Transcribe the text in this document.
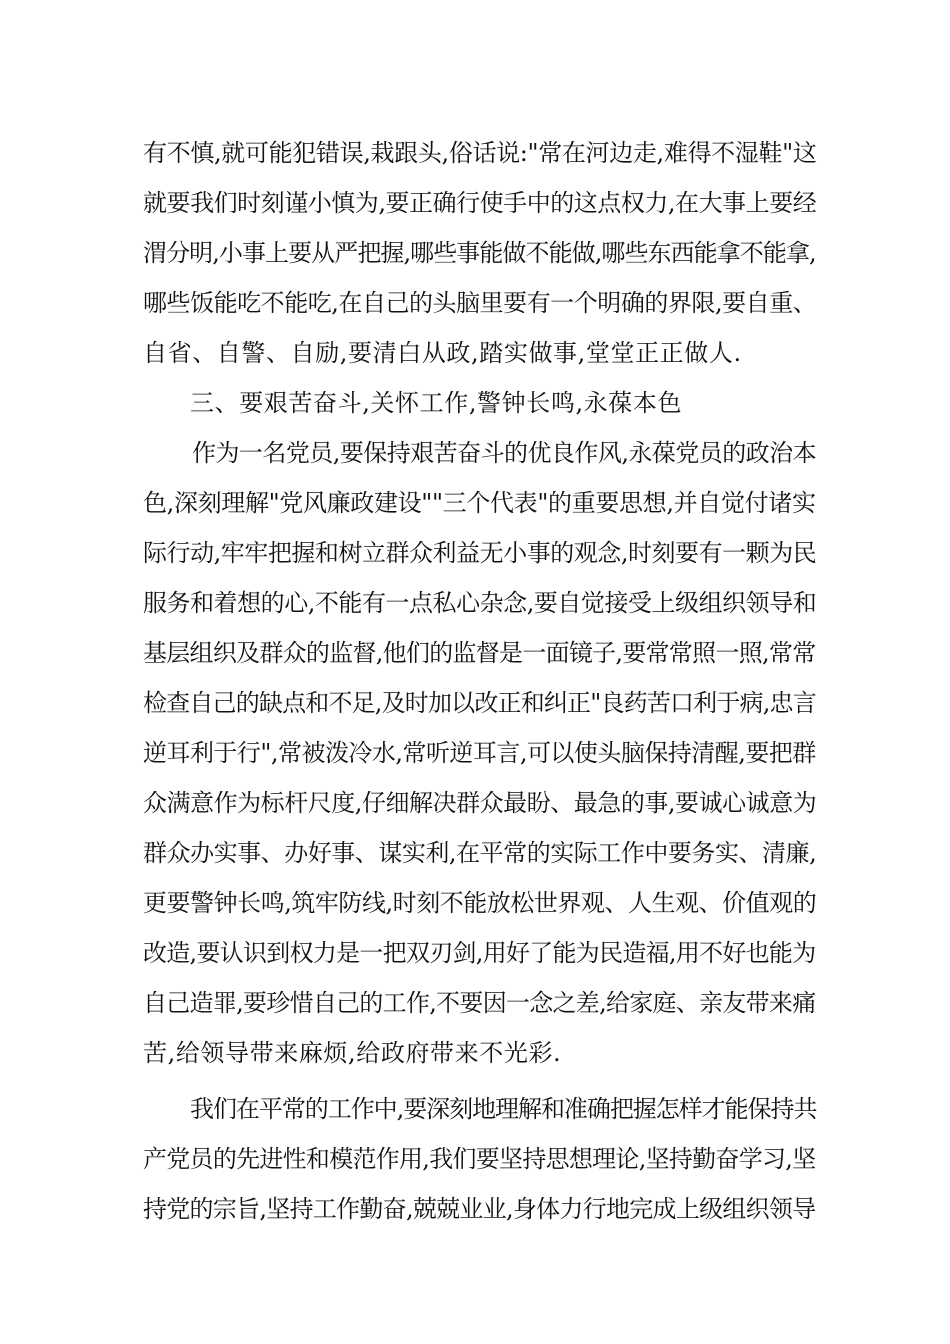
有不慎,就可能犯错误,栽跟头,俗话说:"常在河边走,难得不湿鞋"这
就要我们时刻谨小慎为,要正确行使手中的这点权力,在大事上要经
渭分明,小事上要从严把握,哪些事能做不能做,哪些东西能拿不能拿,
哪些饭能吃不能吃,在自己的头脑里要有一个明确的界限,要自重、
自省、自警、自励,要清白从政,踏实做事,堂堂正正做人.
三、要艰苦奋斗,关怀工作,警钟长鸣,永葆本色
作为一名党员,要保持艰苦奋斗的优良作风,永葆党员的政治本
色,深刻理解"党风廉政建设""三个代表"的重要思想,并自觉付诸实
际行动,牢牢把握和树立群众利益无小事的观念,时刻要有一颗为民
服务和着想的心,不能有一点私心杂念,要自觉接受上级组织领导和
基层组织及群众的监督,他们的监督是一面镜子,要常常照一照,常常
检查自己的缺点和不足,及时加以改正和纠正"良药苦口利于病,忠言
逆耳利于行",常被泼冷水,常听逆耳言,可以使头脑保持清醒,要把群
众满意作为标杆尺度,仔细解决群众最盼、最急的事,要诚心诚意为
群众办实事、办好事、谋实利,在平常的实际工作中要务实、清廉,
更要警钟长鸣,筑牢防线,时刻不能放松世界观、人生观、价值观的
改造,要认识到权力是一把双刃剑,用好了能为民造福,用不好也能为
自己造罪,要珍惜自己的工作,不要因一念之差,给家庭、亲友带来痛
苦,给领导带来麻烦,给政府带来不光彩.
我们在平常的工作中,要深刻地理解和准确把握怎样才能保持共
产党员的先进性和模范作用,我们要坚持思想理论,坚持勤奋学习,坚
持党的宗旨,坚持工作勤奋,兢兢业业,身体力行地完成上级组织领导
